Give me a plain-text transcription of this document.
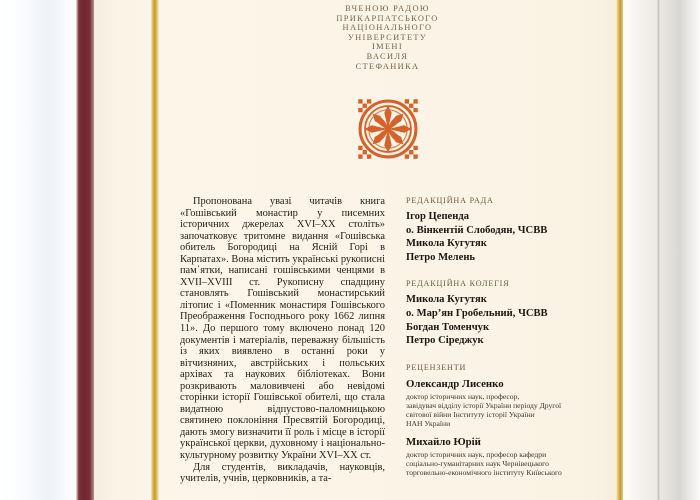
ВЧЕНОЮ РАДОЮ
ПРИКАРПАТСЬКОГО
НАЦІОНАЛЬНОГО
УНІВЕРСИТЕТУ
ІМЕНІ
ВАСИЛЯ
СТЕФАНИКА

Пропонована увазі читачів книга «Гошівський монастир у писемних історичних джерелах XVI–XX століть» започатковує тритомне видання «Гошівська обитель Богородиці на Ясній Горі в Карпатах». Вона містить українські рукописні пам᾽ятки, написані гошівськими ченцями в XVII–XVIII ст. Рукописну спадщину становлять Гошівський монастирський літопис і «Поменник монастиря Гошівського Преображення Господнього року 1662 липня 11». До першого тому включено понад 120 документів і матеріалів, переважну більшість із яких виявлено в останні роки у вітчизняних, австрійських і польських архівах та наукових бібліотеках. Вони розкривають маловивчені або невідомі сторінки історії Гошівської обителі, що стала видатною відпустово-паломницькою святинею поклоніння Пресвятій Богородиці, дають змогу визначити її роль і місце в історії української церкви, духовному і національно-культурному розвитку України XVI–XX ст.

Для студентів, викладачів, науковців, учителів, учнів, церковників, а та-

РЕДАКЦІЙНА РАДА
Ігор Цепенда
о. Вінкентій Слободян, ЧСВВ
Микола Кугутяк
Петро Мелень
РЕДАКЦІЙНА КОЛЕГІЯ
Микола Кугутяк
о. Мар’ян Гробельний, ЧСВВ
Богдан Томенчук
Петро Сіреджук
РЕЦЕНЗЕНТИ
Олександр Лисенко
доктор історичних наук, професор,
завідувач відділу історії України періоду Другої
світової війни Інституту історії України
НАН України
Михайло Юрій
доктор історичних наук, професор кафедри
соціально-гуманітарних наук Чернівецького
торговельно-економічного інституту Київського
